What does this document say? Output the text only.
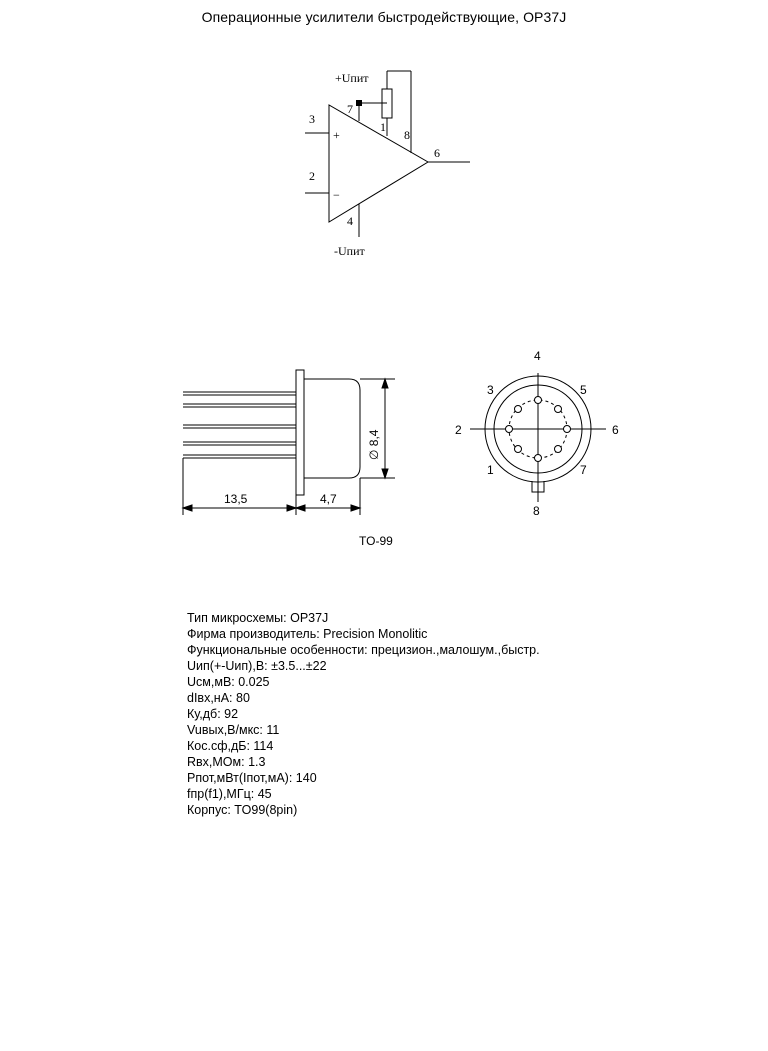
Операционные усилители быстродействующие, OP37J
+Uпит
-Uпит
7
1
8
3
2
6
4
+
−
13,5	4,7
∅ 8,4
TO-99
4
3	5
2	6
1	7
8
Тип микросхемы: OP37J
Фирма производитель: Precision Monolitic
Функциональные особенности: прецизион.,малошум.,быстр.
Uип(+-Uип),В: ±3.5...±22
Uсм,мВ: 0.025
dIвх,нА: 80
Ку,дб: 92
Vuвых,В/мкс: 11
Кос.сф,дБ: 114
Rвх,МОм: 1.3
Рпот,мВт(Iпот,мА): 140
fпр(f1),МГц: 45
Корпус: TO99(8pin)
